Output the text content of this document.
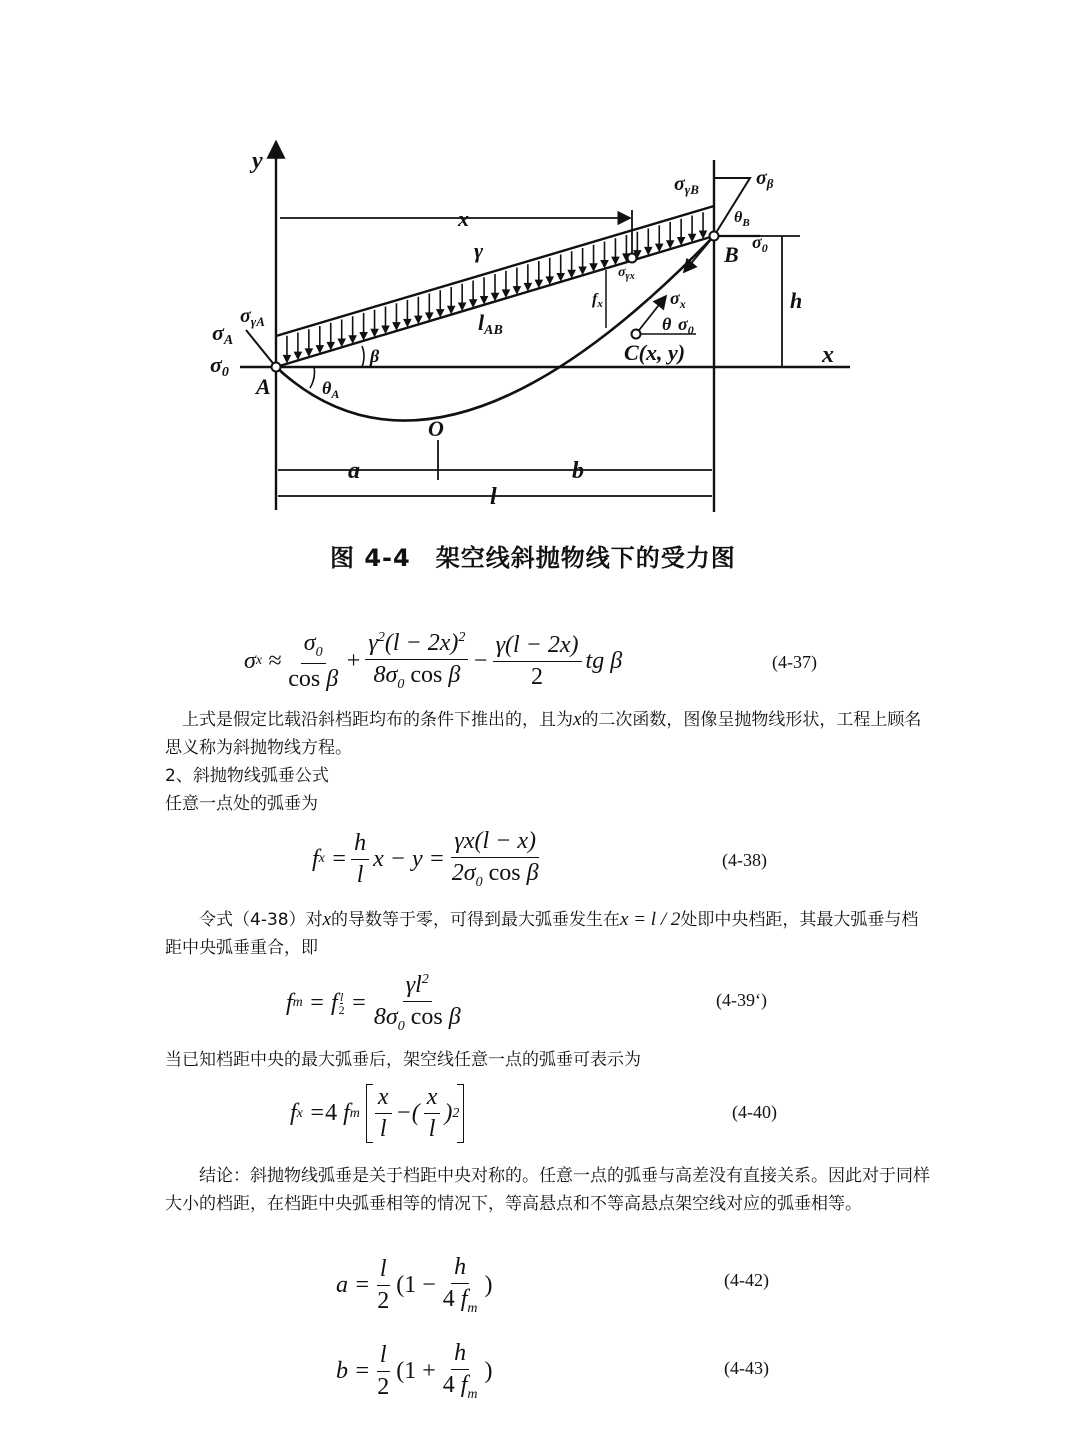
y
x
x
γ
lAB
β
σA
$\sigma_{\gamma A}$
σ0
A	$\theta_A$
O
B
$\sigma_{\gamma B}$
$\sigma_\beta$
$\theta_B$
$\sigma_0$
h
$\sigma_{\gamma x}$
fx	$\sigma_x$
θ $\sigma_0$
C(x, y)
a	b
l
图 4-4　架空线斜抛物线下的受力图
σ $x \approx \frac{\sigma_0}{\text{cos β}} + \frac{\gamma^2(l - 2x)^2}{8\sigma_0 \cos \beta} - \frac{\gamma(l - 2x)}{2}$ tg β	(4-37)
上式是假定比载沿斜档距均布的条件下推出的，且为x的二次函数，图像呈抛物线形状，工程上顾名思义称为斜抛物线方程。
2、斜抛物线弧垂公式
任意一点处的弧垂为
f $x = \frac{h}{l}$ $x - y = \frac{\gamma x(l - x)}{2\sigma_0 \cos \beta}$	(4-38)
令式（4-38）对x的导数等于零，可得到最大弧垂发生在x = l / 2处即中央档距，其最大弧垂与档距中央弧垂重合，即
f m = f $\frac{l}{2} = \frac{\gamma l^2}{8\sigma_0 \cos \beta}$	(4-39‘)
当已知档距中央的最大弧垂后，架空线任意一点的弧垂可表示为
f x = 4 f m $\frac{x}{l}$ −( $\frac{x}{l}$ ) 2	(4-40)
结论：斜抛物线弧垂是关于档距中央对称的。任意一点的弧垂与高差没有直接关系。因此对于同样大小的档距，在档距中央弧垂相等的情况下，等高悬点和不等高悬点架空线对应的弧垂相等。
$a = \frac{l}{2} (1 - \frac{h}{4 f_m}$ )	(4-42)
$b = \frac{l}{2} (1 + \frac{h}{4 f_m}$ )	(4-43)
